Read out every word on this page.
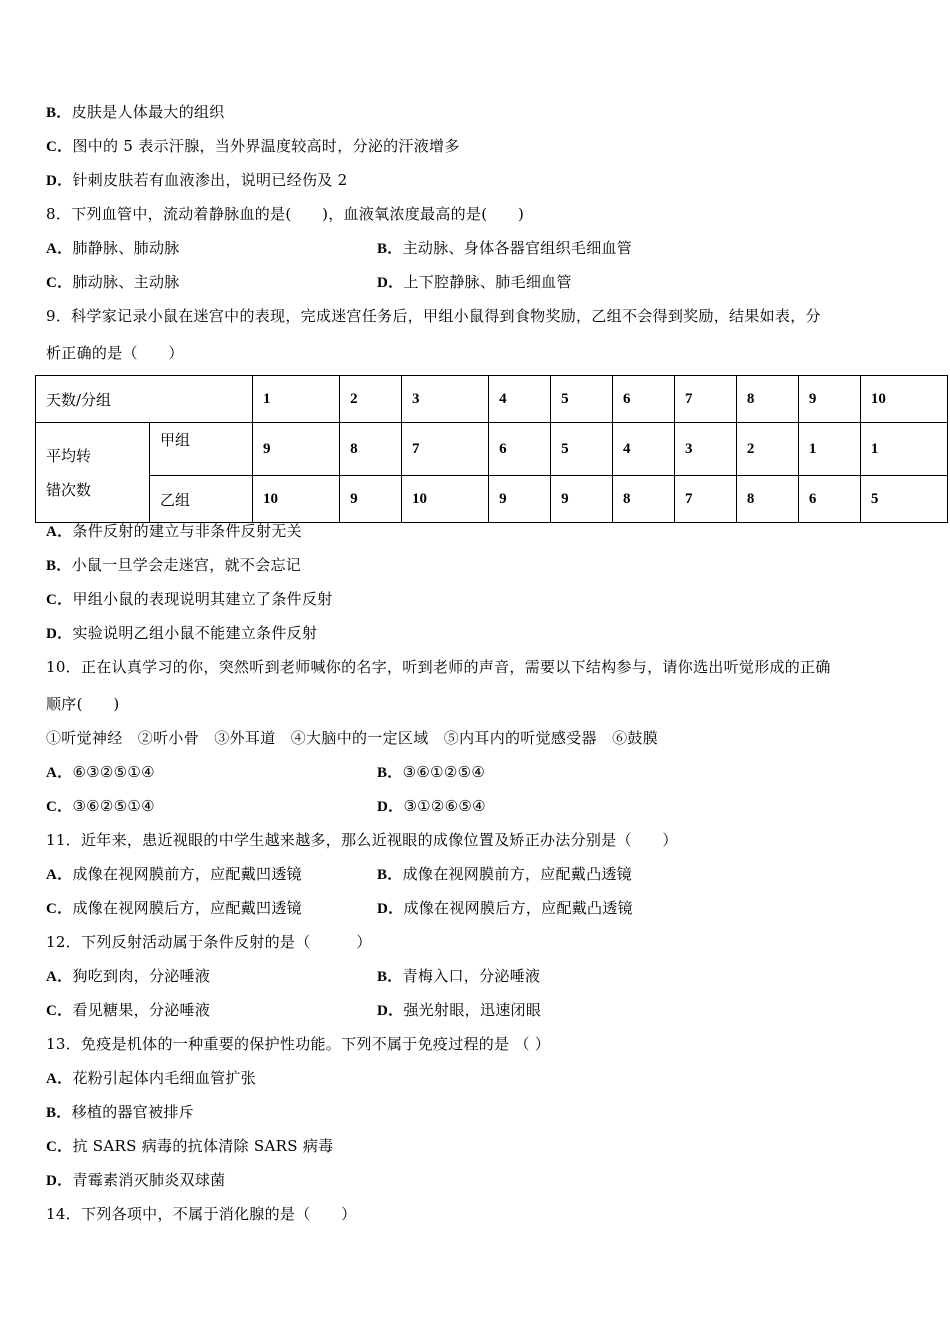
B．皮肤是人体最大的组织
C．图中的 5 表示汗腺，当外界温度较高时，分泌的汗液增多
D．针刺皮肤若有血液渗出，说明已经伤及 2
8．下列血管中，流动着静脉血的是(　　)，血液氧浓度最高的是(　　)
A．肺静脉、肺动脉	B．主动脉、身体各器官组织毛细血管
C．肺动脉、主动脉	D．上下腔静脉、肺毛细血管
9．科学家记录小鼠在迷宫中的表现，完成迷宫任务后，甲组小鼠得到食物奖励，乙组不会得到奖励，结果如表，分
析正确的是（　　）
天数/分组		1	2	3	4	5	6	7	8	9	10

平均转
错次数	甲组	9	8	7	6	5	4	3	2	1	1
	乙组	10	9	10	9	9	8	7	8	6	5
A．条件反射的建立与非条件反射无关
B．小鼠一旦学会走迷宫，就不会忘记
C．甲组小鼠的表现说明其建立了条件反射
D．实验说明乙组小鼠不能建立条件反射
10．正在认真学习的你，突然听到老师喊你的名字，听到老师的声音，需要以下结构参与，请你选出听觉形成的正确
顺序(　　)
①听觉神经　②听小骨　③外耳道　④大脑中的一定区域　⑤内耳内的听觉感受器　⑥鼓膜
A．⑥③②⑤①④	B．③⑥①②⑤④
C．③⑥②⑤①④	D．③①②⑥⑤④
11．近年来，患近视眼的中学生越来越多，那么近视眼的成像位置及矫正办法分别是（　　）
A．成像在视网膜前方，应配戴凹透镜	B．成像在视网膜前方，应配戴凸透镜
C．成像在视网膜后方，应配戴凹透镜	D．成像在视网膜后方，应配戴凸透镜
12．下列反射活动属于条件反射的是（　　　）
A．狗吃到肉，分泌唾液	B．青梅入口，分泌唾液
C．看见糖果，分泌唾液	D．强光射眼，迅速闭眼
13．免疫是机体的一种重要的保护性功能。下列不属于免疫过程的是 （ ）
A．花粉引起体内毛细血管扩张
B．移植的器官被排斥
C．抗 SARS 病毒的抗体清除 SARS 病毒
D．青霉素消灭肺炎双球菌
14．下列各项中，不属于消化腺的是（　　）
